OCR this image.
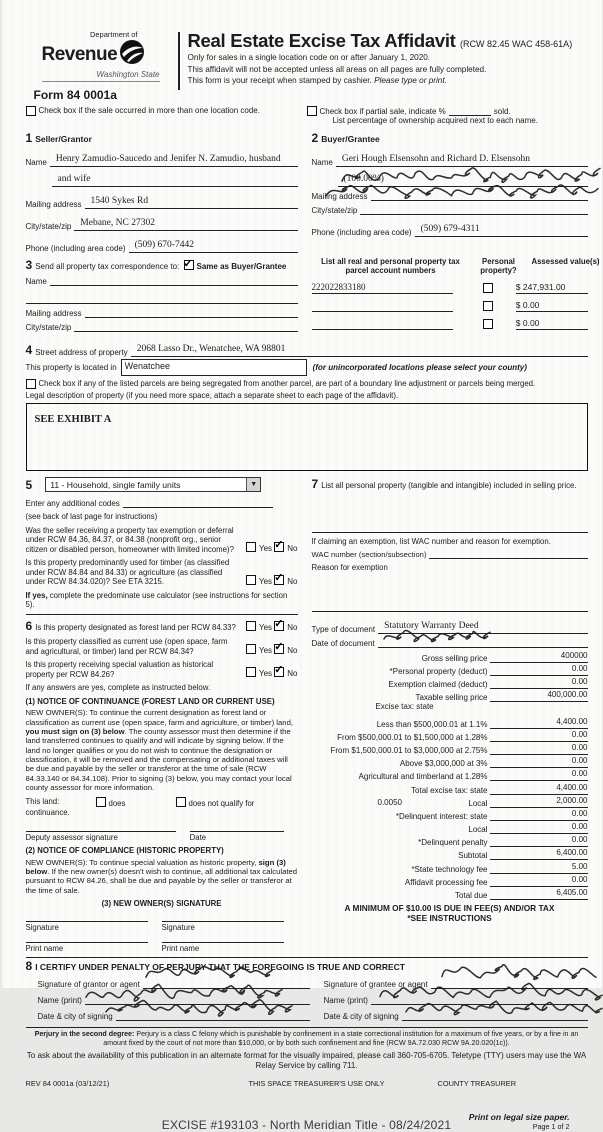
Department of
Revenue
Washington State
Form 84 0001a
Real Estate Excise Tax Affidavit (RCW 82.45 WAC 458-61A)
Only for sales in a single location code on or after January 1, 2020.
This affidavit will not be accepted unless all areas on all pages are fully completed.
This form is your receipt when stamped by cashier. Please type or print.
Check box if the sale occurred in more than one location code.	Check box if partial sale, indicate %	sold.
List percentage of ownership acquired next to each name.
1 Seller/Grantor
Name Henry Zamudio-Saucedo and Jenifer N. Zamudio, husband
and wife
Mailing address 1540 Sykes Rd
City/state/zip Mebane, NC 27302
Phone (including area code) (509) 670-7442
2 Buyer/Grantee
Name Geri Hough Elsensohn and Richard D. Elsensohn
(100.00%)
Mailing address
City/state/zip
Phone (including area code) (509) 679-4311
3 Send all property tax correspondence to: ✓ Same as Buyer/Grantee
Name
Mailing address
City/state/zip
List all real and personal property tax parcel account numbers
Personal property?
Assessed value(s)
222022833180	$ 247,931.00
$ 0.00
$ 0.00
4 Street address of property 2068 Lasso Dr., Wenatchee, WA 98801
This property is located in Wenatchee	(for unincorporated locations please select your county)
Check box if any of the listed parcels are being segregated from another parcel, are part of a boundary line adjustment or parcels being merged.
Legal description of property (if you need more space, attach a separate sheet to each page of the affidavit).
SEE EXHIBIT A
5	11 - Household, single family units	▼
Enter any additional codes
(see back of last page for instructions)
Was the seller receiving a property tax exemption or deferral under RCW 84.36, 84.37, or 84.38 (nonprofit org., senior citizen or disabled person, homeowner with limited income)?	Yes ✓ No
Is this property predominantly used for timber (as classified under RCW 84.84 and 84.33) or agriculture (as classified under RCW 84.34.020)? See ETA 3215.	Yes ✓ No
If yes, complete the predominate use calculator (see instructions for section 5).
6 Is this property designated as forest land per RCW 84.33?	Yes ✓ No
Is this property classified as current use (open space, farm and agricultural, or timber) land per RCW 84.34?	Yes ✓ No
Is this property receiving special valuation as historical property per RCW 84.26?	Yes ✓ No
If any answers are yes, complete as instructed below.
(1) NOTICE OF CONTINUANCE (FOREST LAND OR CURRENT USE)
NEW OWNER(S): To continue the current designation as forest land or classification as current use (open space, farm and agriculture, or timber) land, you must sign on (3) below. The county assessor must then determine if the land transferred continues to qualify and will indicate by signing below. If the land no longer qualifies or you do not wish to continue the designation or classification, it will be removed and the compensating or additional taxes will be due and payable by the seller or transferor at the time of sale (RCW 84.33.140 or 84.34.108). Prior to signing (3) below, you may contact your local county assessor for more information.
This land:	does	does not qualify for
continuance.
Deputy assessor signature	Date
(2) NOTICE OF COMPLIANCE (HISTORIC PROPERTY)
NEW OWNER(S): To continue special valuation as historic property, sign (3) below. If the new owner(s) doesn't wish to continue, all additional tax calculated pursuant to RCW 84.26, shall be due and payable by the seller or transferor at the time of sale.
(3) NEW OWNER(S) SIGNATURE
Signature	Signature
Print name	Print name
7 List all personal property (tangible and intangible) included in selling price.
If claiming an exemption, list WAC number and reason for exemption.
WAC number (section/subsection)
Reason for exemption
Type of document Statutory Warranty Deed
Date of document
Gross selling price	400000
*Personal property (deduct)	0.00
Exemption claimed (deduct)	0.00
Taxable selling price	400,000.00
Excise tax: state
Less than $500,000.01 at 1.1%	4,400.00
From $500,000.01 to $1,500,000 at 1.28%	0.00
From $1,500,000.01 to $3,000,000 at 2.75%	0.00
Above $3,000,000 at 3%	0.00
Agricultural and timberland at 1.28%	0.00
Total excise tax: state	4,400.00
0.0050	Local	2,000.00
*Delinquent interest: state	0.00
Local	0.00
*Delinquent penalty	0.00
Subtotal	6,400.00
*State technology fee	5.00
Affidavit processing fee	0.00
Total due	6,405.00
A MINIMUM OF $10.00 IS DUE IN FEE(S) AND/OR TAX
*SEE INSTRUCTIONS
8 I CERTIFY UNDER PENALTY OF PERJURY THAT THE FOREGOING IS TRUE AND CORRECT
Signature of grantor or agent
Name (print)
Date & city of signing
Signature of grantee or agent
Name (print)
Date & city of signing
Perjury in the second degree: Perjury is a class C felony which is punishable by confinement in a state correctional institution for a maximum of five years, or by a fine in an amount fixed by the court of not more than $10,000, or by both such confinement and fine (RCW 9A.72.030 RCW 9A.20.020(1c)).
To ask about the availability of this publication in an alternate format for the visually impaired, please call 360-705-6705. Teletype (TTY) users may use the WA Relay Service by calling 711.
REV 84 0001a (03/12/21)	THIS SPACE TREASURER'S USE ONLY	COUNTY TREASURER
EXCISE #193103 - North Meridian Title - 08/24/2021
Print on legal size paper.
Page 1 of 2
